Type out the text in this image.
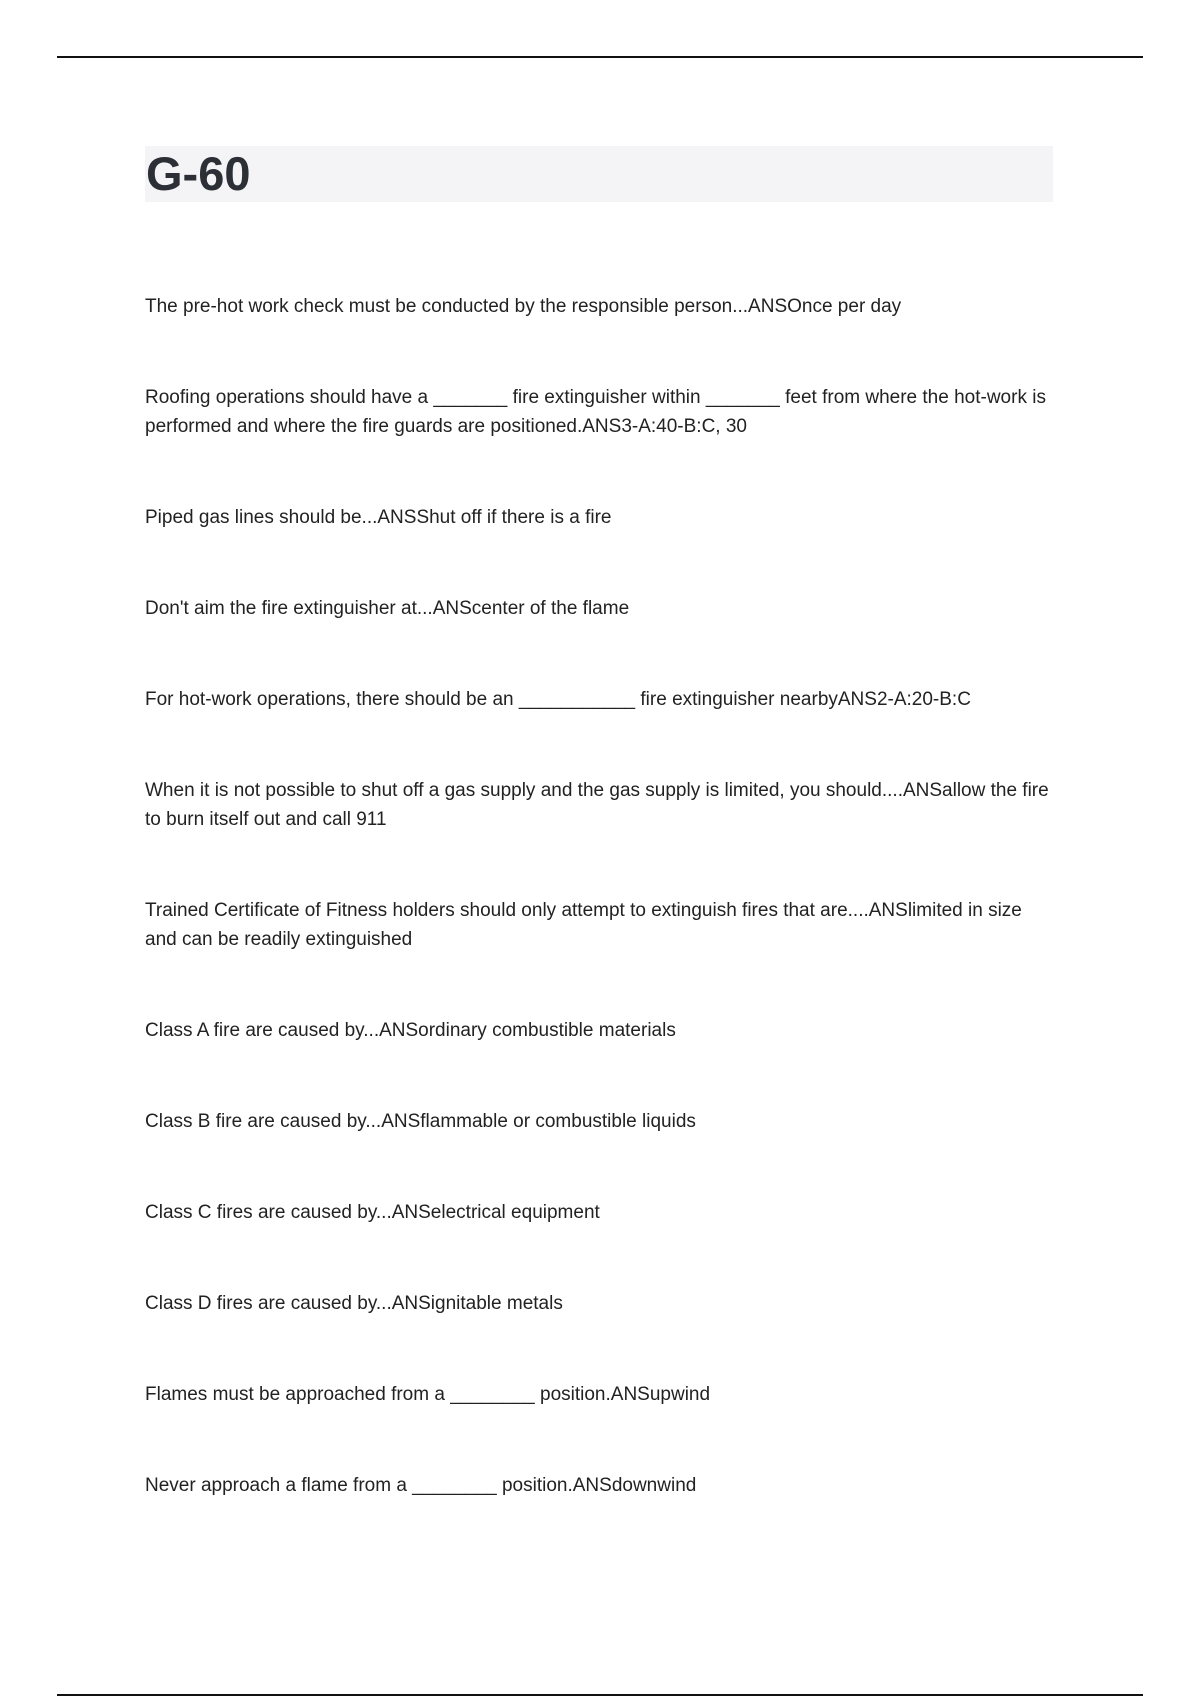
G-60
The pre-hot work check must be conducted by the responsible person...ANSOnce per day
Roofing operations should have a _______ fire extinguisher within _______ feet from where the hot-work is performed and where the fire guards are positioned.ANS3-A:40-B:C, 30
Piped gas lines should be...ANSShut off if there is a fire
Don't aim the fire extinguisher at...ANScenter of the flame
For hot-work operations, there should be an ___________ fire extinguisher nearbyANS2-A:20-B:C
When it is not possible to shut off a gas supply and the gas supply is limited, you should....ANSallow the fire to burn itself out and call 911
Trained Certificate of Fitness holders should only attempt to extinguish fires that are....ANSlimited in size and can be readily extinguished
Class A fire are caused by...ANSordinary combustible materials
Class B fire are caused by...ANSflammable or combustible liquids
Class C fires are caused by...ANSelectrical equipment
Class D fires are caused by...ANSignitable metals
Flames must be approached from a ________ position.ANSupwind
Never approach a flame from a ________ position.ANSdownwind
